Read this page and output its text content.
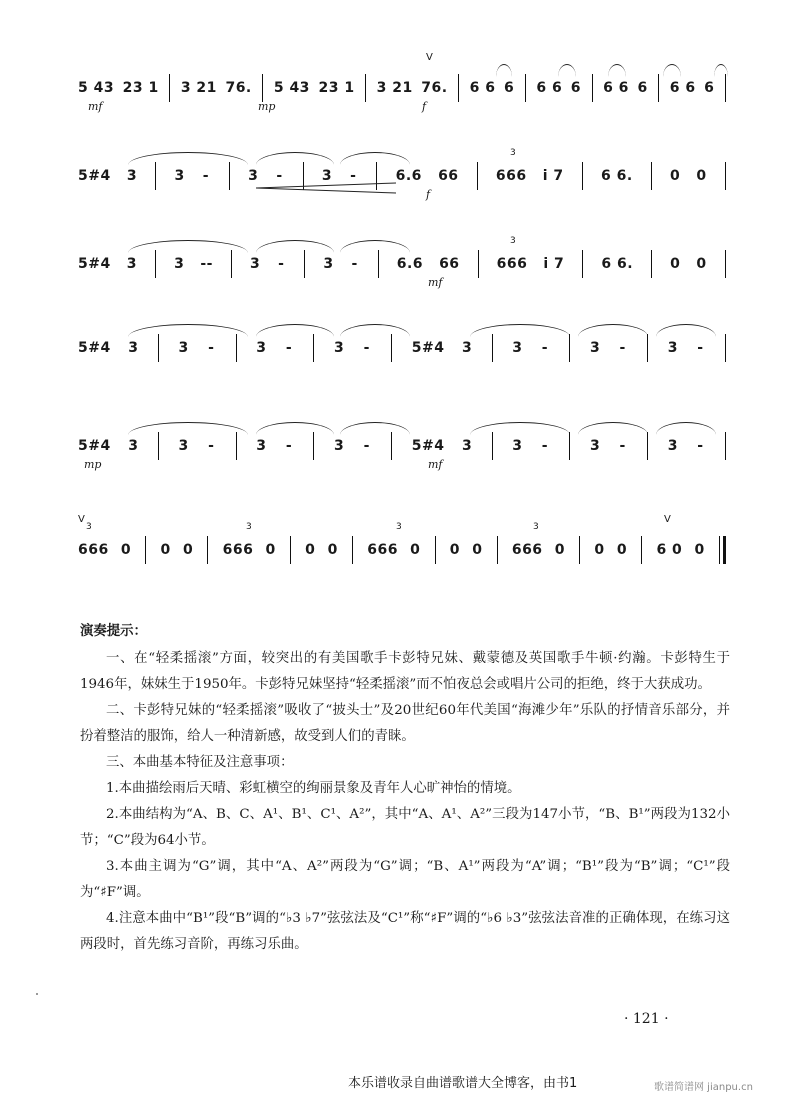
5 43 23 1 3 21 76. 5 43 23 1 3 21 76. 6 6 6 6 6 6 6 6 6 6 6 6
V
mf	mp	f
5#4 3	3 -	3 -	3 -	6.6 66	666 i 7	6 6.	0 0
3
f
5#4 3	3 --	3 -	3 -	6.6 66	666 i 7	6 6.	0 0
3
mf
5#4 3	3 -	3 -	3 -	5#4 3	3 -	3 -	3 -
5#4 3	3 -	3 -	3 -	5#4 3	3 -	3 -	3 -
mp	mf
666 0 0 0 666 0 0 0 666 0 0 0 666 0 0 0 6 0 0
3	3	3	3
V	V
演奏提示：

一、在“轻柔摇滚”方面，较突出的有美国歌手卡彭特兄妹、戴蒙德及英国歌手牛顿·约瀚。卡彭特生于1946年，妹妹生于1950年。卡彭特兄妹坚持“轻柔摇滚”而不怕夜总会或唱片公司的拒绝，终于大获成功。

二、卡彭特兄妹的“轻柔摇滚”吸收了“披头士”及20世纪60年代美国“海滩少年”乐队的抒情音乐部分，并扮着整洁的服饰，给人一种清新感，故受到人们的青睐。

三、本曲基本特征及注意事项：

1.本曲描绘雨后天晴、彩虹横空的绚丽景象及青年人心旷神怡的情境。

2.本曲结构为“A、B、C、A¹、B¹、C¹、A²”，其中“A、A¹、A²”三段为147小节，“B、B¹”两段为132小节；“C”段为64小节。

3.本曲主调为“G”调，其中“A、A²”两段为“G”调；“B、A¹”两段为“A”调；“B¹”段为“B”调；“C¹”段为“♯F”调。

4.注意本曲中“B¹”段“B”调的“♭3 ♭7”弦弦法及“C¹”称“♯F”调的“♭6 ♭3”弦弦法音准的正确体现，在练习这两段时，首先练习音阶，再练习乐曲。

· 121 ·
本乐谱收录自曲谱歌谱大全博客，由书1	歌谱简谱网 jianpu.cn
